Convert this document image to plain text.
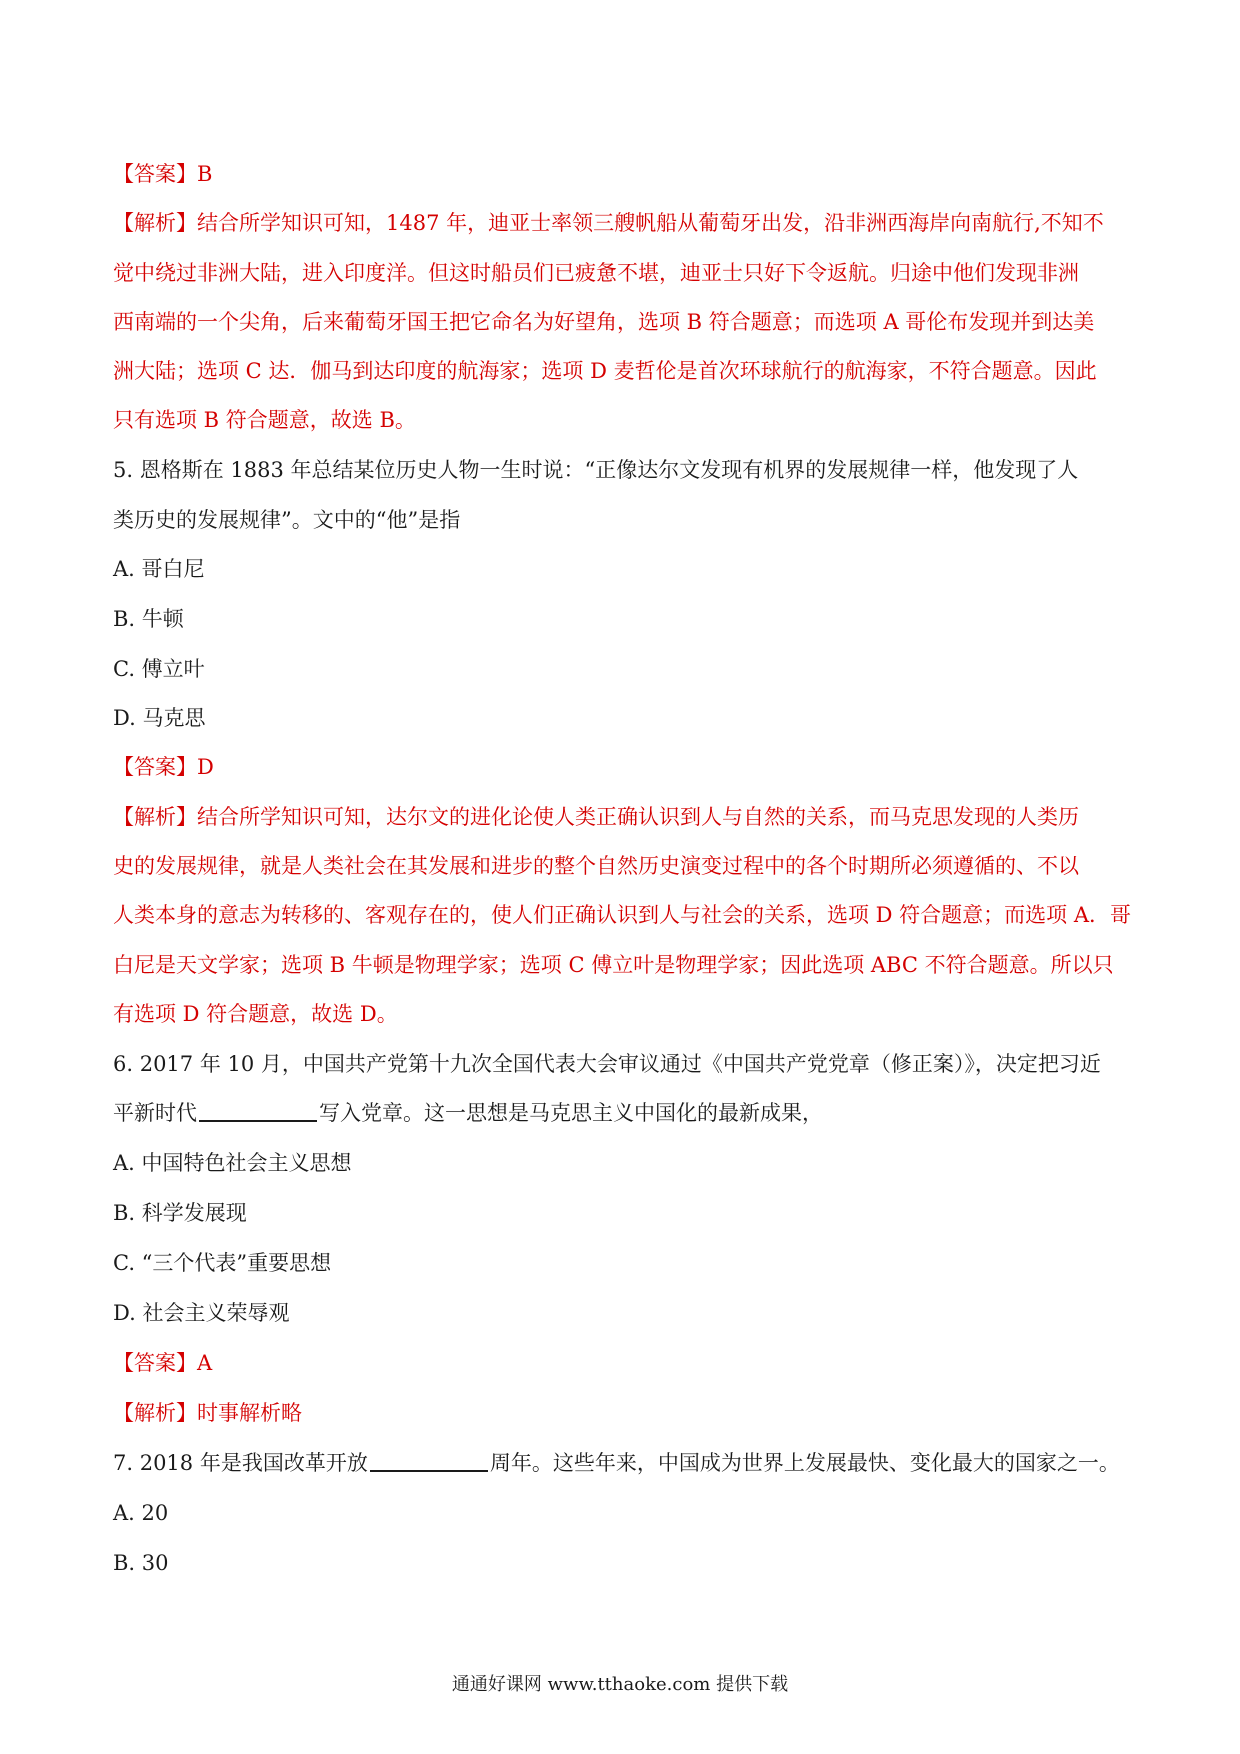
【答案】B
【解析】结合所学知识可知，1487 年，迪亚士率领三艘帆船从葡萄牙出发，沿非洲西海岸向南航行,不知不
觉中绕过非洲大陆，进入印度洋。但这时船员们已疲惫不堪，迪亚士只好下令返航。归途中他们发现非洲
西南端的一个尖角，后来葡萄牙国王把它命名为好望角，选项 B 符合题意；而选项 A 哥伦布发现并到达美
洲大陆；选项 C 达．伽马到达印度的航海家；选项 D 麦哲伦是首次环球航行的航海家，不符合题意。因此
只有选项 B 符合题意，故选 B。
5. 恩格斯在 1883 年总结某位历史人物一生时说：“正像达尔文发现有机界的发展规律一样，他发现了人
类历史的发展规律”。文中的“他”是指
A. 哥白尼
B. 牛顿
C. 傅立叶
D. 马克思
【答案】D
【解析】结合所学知识可知，达尔文的进化论使人类正确认识到人与自然的关系，而马克思发现的人类历
史的发展规律，就是人类社会在其发展和进步的整个自然历史演变过程中的各个时期所必须遵循的、不以
人类本身的意志为转移的、客观存在的，使人们正确认识到人与社会的关系，选项 D 符合题意；而选项 A．哥
白尼是天文学家；选项 B 牛顿是物理学家；选项 C 傅立叶是物理学家；因此选项 ABC 不符合题意。所以只
有选项 D 符合题意，故选 D。
6. 2017 年 10 月，中国共产党第十九次全国代表大会审议通过《中国共产党党章（修正案）》，决定把习近
平新时代	写入党章。这一思想是马克思主义中国化的最新成果，
A. 中国特色社会主义思想
B. 科学发展现
C. “三个代表”重要思想
D. 社会主义荣辱观
【答案】A
【解析】时事解析略
7. 2018 年是我国改革开放	周年。这些年来，中国成为世界上发展最快、变化最大的国家之一。
A. 20
B. 30
通通好课网 www.tthaoke.com 提供下载
